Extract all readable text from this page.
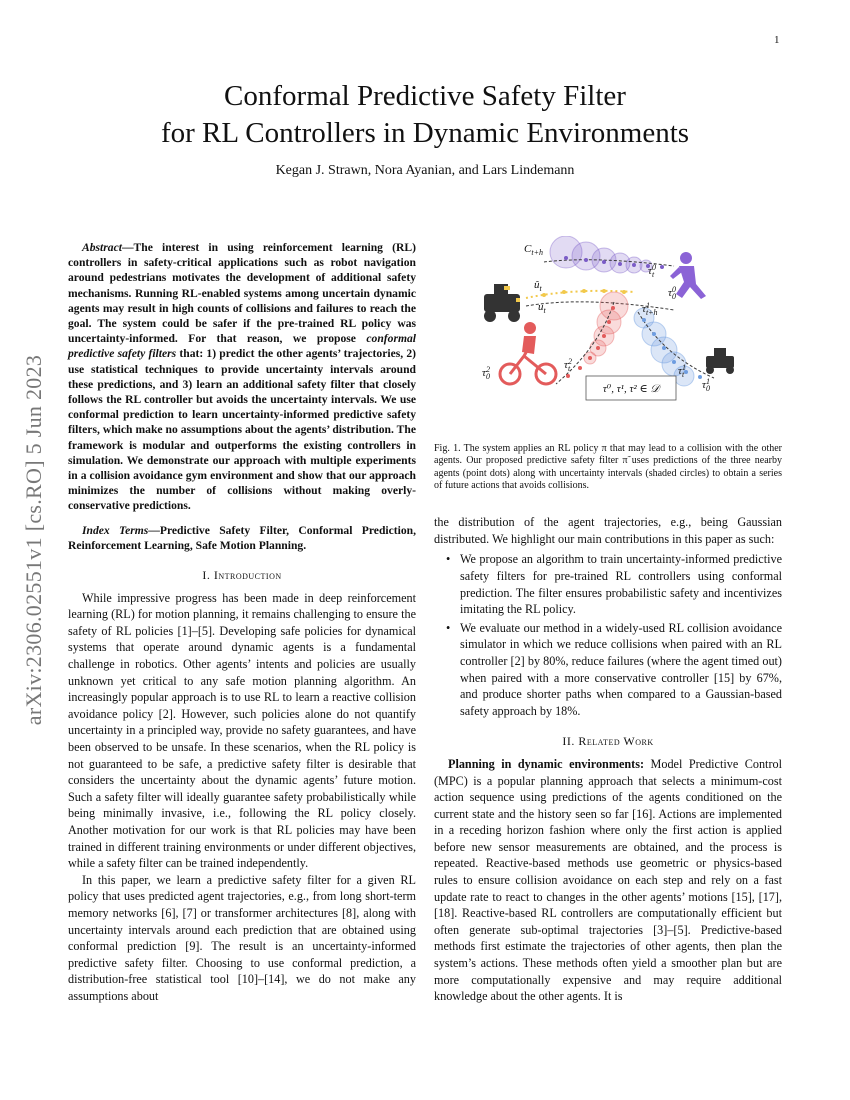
1
arXiv:2306.02551v1 [cs.RO] 5 Jun 2023
Conformal Predictive Safety Filter
for RL Controllers in Dynamic Environments
Kegan J. Strawn, Nora Ayanian, and Lars Lindemann

Abstract—The interest in using reinforcement learning (RL) controllers in safety-critical applications such as robot navigation around pedestrians motivates the development of additional safety mechanisms. Running RL-enabled systems among uncertain dynamic agents may result in high counts of collisions and failures to reach the goal. The system could be safer if the pre-trained RL policy was uncertainty-informed. For that reason, we propose conformal predictive safety filters that: 1) predict the other agents’ trajectories, 2) use statistical techniques to provide uncertainty intervals around these predictions, and 3) learn an additional safety filter that closely follows the RL controller but avoids the uncertainty intervals. We use conformal prediction to learn uncertainty-informed predictive safety filters, which make no assumptions about the agents’ distribution. The framework is modular and outperforms the existing controllers in simulation. We demonstrate our approach with multiple experiments in a collision avoidance gym environment and show that our approach minimizes the number of collisions without making overly-conservative predictions.

Index Terms—Predictive Safety Filter, Conformal Prediction, Reinforcement Learning, Safe Motion Planning.

I. Introduction

While impressive progress has been made in deep reinforcement learning (RL) for motion planning, it remains challenging to ensure the safety of RL policies [1]–[5]. Developing safe policies for dynamical systems that operate around dynamic agents is a fundamental challenge in robotics. Other agents’ intents and policies are usually unknown yet critical to any safe motion planning algorithm. An increasingly popular approach is to use RL to learn a reactive collision avoidance policy [2]. However, such policies alone do not quantify uncertainty in a principled way, provide no safety guarantees, and have been observed to be unsafe. In these scenarios, when the RL policy is not guaranteed to be safe, a predictive safety filter is desirable that considers the uncertainty about the dynamic agents’ future motion. Such a safety filter will ideally guarantee safety probabilistically while being minimally invasive, i.e., following the RL policy closely. Another motivation for our work is that RL policies may have been trained in different training environments or under different objectives, while a safety filter can be trained independently.

In this paper, we learn a predictive safety filter for a given RL policy that uses predicted agent trajectories, e.g., from long short-term memory networks [6], [7] or transformer architectures [8], along with uncertainty intervals around each prediction that are obtained using conformal prediction [9]. The result is an uncertainty-informed predictive safety filter. Choosing to use conformal prediction, a distribution-free statistical tool [10]–[14], we do not make any assumptions about

$C_{t+h}$
$û_t$
$u_t$
$\tau^0$ t
$\tau^0$ 0
$\tau^1$ t+h
$\tau^2$ 0
$\tau^2$ t	$\tau^1$ t
$\tau^1$ 0
τ⁰, τ¹, τ² ∈ 𝒟

Fig. 1. The system applies an RL policy π that may lead to a collision with the other agents. Our proposed predictive safety filter π̃ uses predictions of the three nearby agents (point dots) along with uncertainty intervals (shaded circles) to obtain a series of future actions that avoids collisions.

the distribution of the agent trajectories, e.g., being Gaussian distributed. We highlight our main contributions in this paper as such:

• We propose an algorithm to train uncertainty-informed predictive safety filters for pre-trained RL controllers using conformal prediction. The filter ensures probabilistic safety and incentivizes imitating the RL policy.
• We evaluate our method in a widely-used RL collision avoidance simulator in which we reduce collisions when paired with an RL controller [2] by 80%, reduce failures (where the agent timed out) when paired with a more conservative controller [15] by 67%, and produce shorter paths when compared to a Gaussian-based safety approach by 18%.
II. Related Work

Planning in dynamic environments: Model Predictive Control (MPC) is a popular planning approach that selects a minimum-cost action sequence using predictions of the agents conditioned on the current state and the history seen so far [16]. Actions are implemented in a receding horizon fashion where only the first action is applied before new sensor measurements are obtained, and the process is repeated. Reactive-based methods use geometric or physics-based rules to ensure collision avoidance on each step and rely on a fast update rate to react to changes in the other agents’ motions [15], [17], [18]. Reactive-based RL controllers are computationally efficient but often generate sub-optimal trajectories [3]–[5]. Predictive-based methods first estimate the trajectories of other agents, then plan the system’s actions. These methods often yield a smoother plan but are more computationally expensive and may require additional knowledge about the other agents. It is
